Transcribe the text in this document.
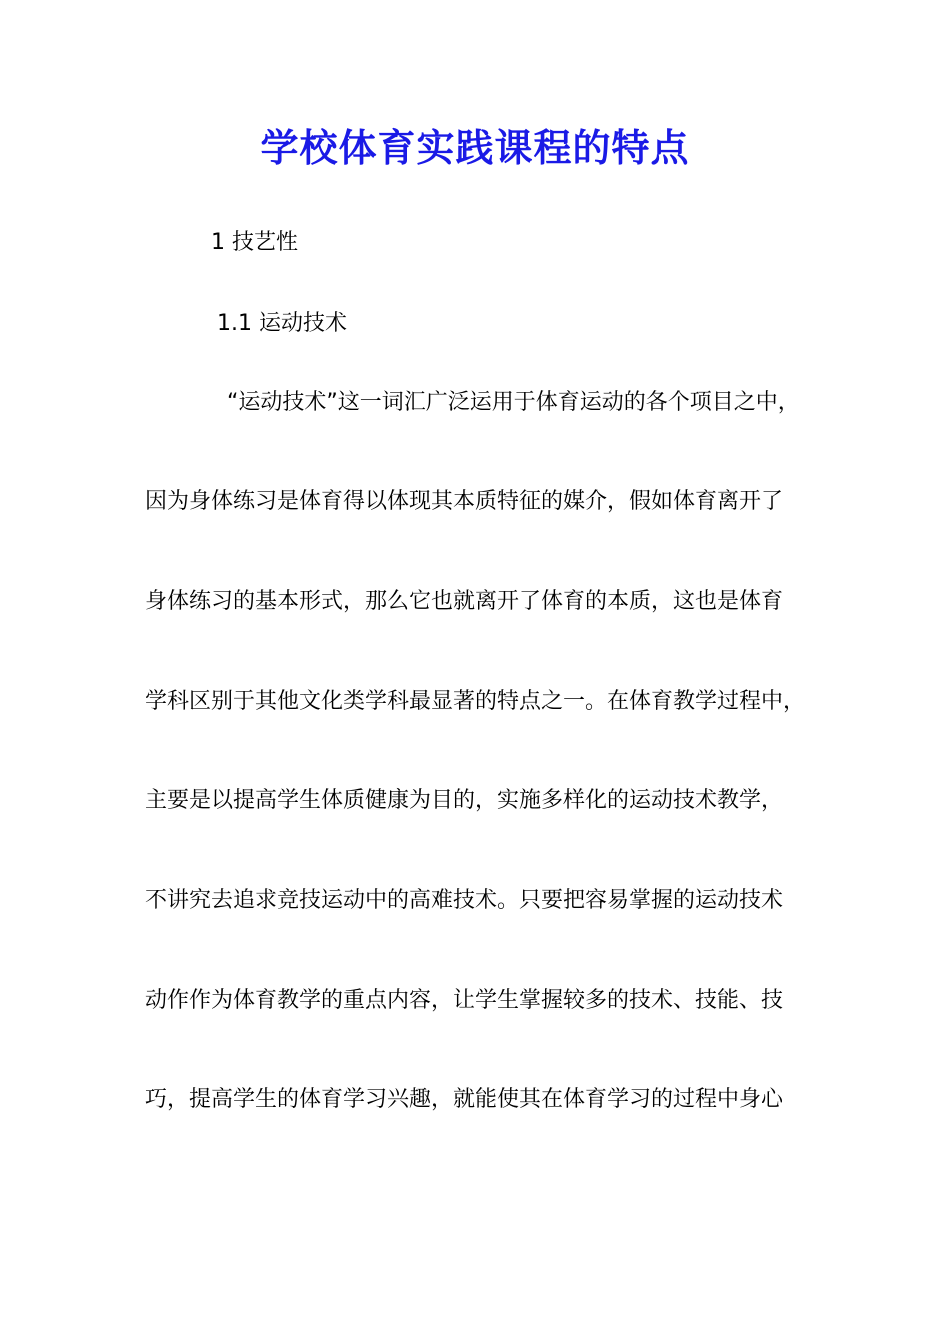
学校体育实践课程的特点
1 技艺性
1.1 运动技术
“运动技术”这一词汇广泛运用于体育运动的各个项目之中，
因为身体练习是体育得以体现其本质特征的媒介，假如体育离开了
身体练习的基本形式，那么它也就离开了体育的本质，这也是体育
学科区别于其他文化类学科最显著的特点之一。在体育教学过程中，
主要是以提高学生体质健康为目的，实施多样化的运动技术教学，
不讲究去追求竞技运动中的高难技术。只要把容易掌握的运动技术
动作作为体育教学的重点内容，让学生掌握较多的技术、技能、技
巧，提高学生的体育学习兴趣，就能使其在体育学习的过程中身心
